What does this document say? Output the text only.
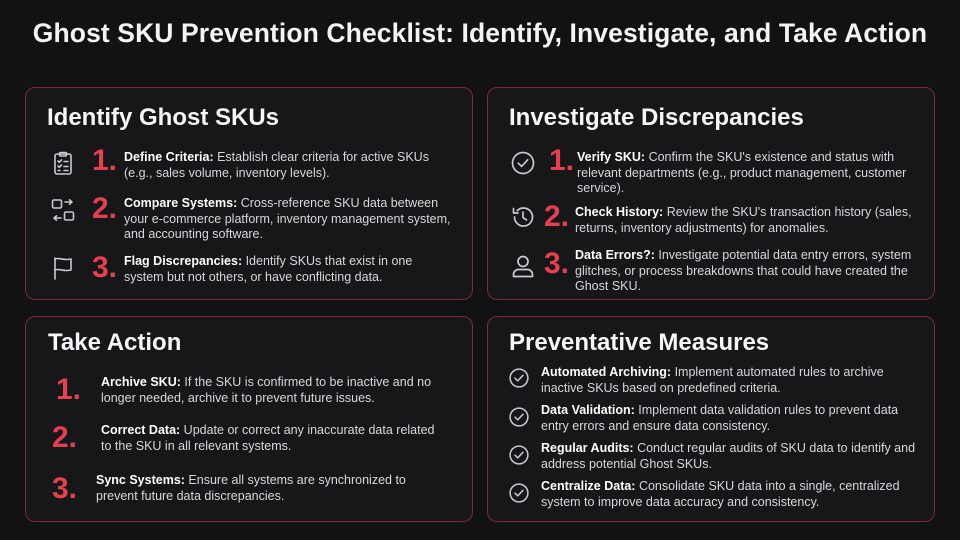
Ghost SKU Prevention Checklist: Identify, Investigate, and Take Action
Identify Ghost SKUs
1. Define Criteria: Establish clear criteria for active SKUs (e.g., sales volume, inventory levels).
2. Compare Systems: Cross-reference SKU data between your e-commerce platform, inventory management system, and accounting software.
3. Flag Discrepancies: Identify SKUs that exist in one system but not others, or have conflicting data.
Investigate Discrepancies
1. Verify SKU: Confirm the SKU's existence and status with relevant departments (e.g., product management, customer service).
2. Check History: Review the SKU's transaction history (sales, returns, inventory adjustments) for anomalies.
3. Data Errors?: Investigate potential data entry errors, system glitches, or process breakdowns that could have created the Ghost SKU.
Take Action
1. Archive SKU: If the SKU is confirmed to be inactive and no longer needed, archive it to prevent future issues.
2. Correct Data: Update or correct any inaccurate data related to the SKU in all relevant systems.
3. Sync Systems: Ensure all systems are synchronized to prevent future data discrepancies.
Preventative Measures
Automated Archiving: Implement automated rules to archive inactive SKUs based on predefined criteria.
Data Validation: Implement data validation rules to prevent data entry errors and ensure data consistency.
Regular Audits: Conduct regular audits of SKU data to identify and address potential Ghost SKUs.
Centralize Data: Consolidate SKU data into a single, centralized system to improve data accuracy and consistency.
